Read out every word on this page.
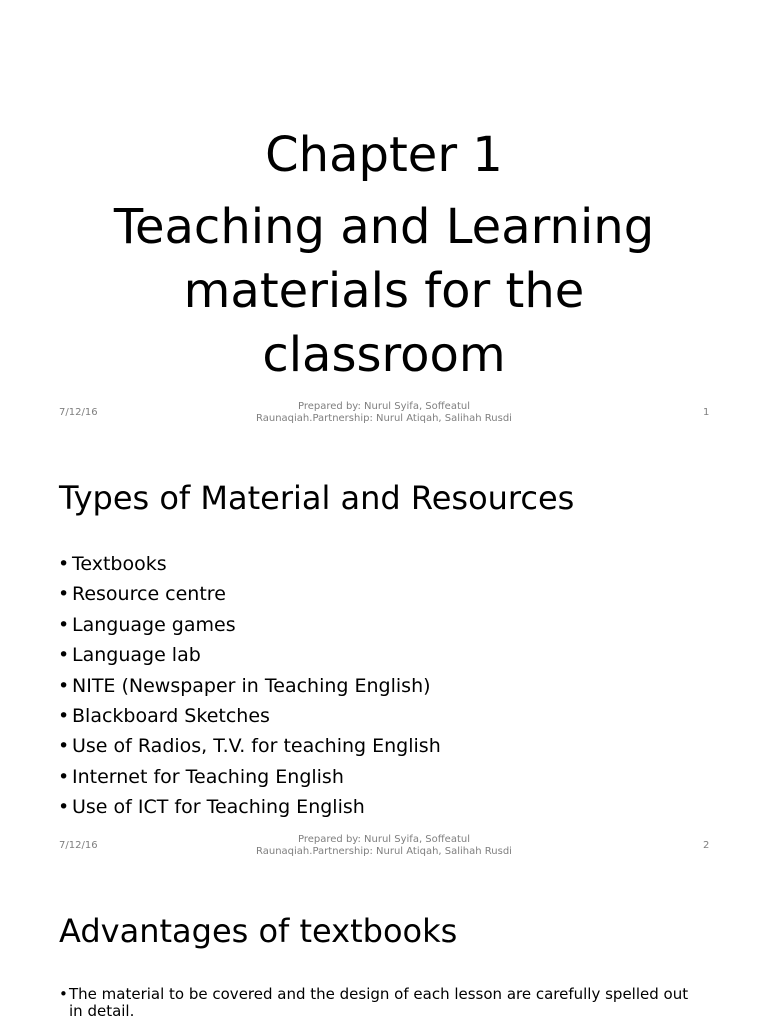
Chapter 1
Teaching and Learning
materials for the
classroom
7/12/16
Prepared by: Nurul Syifa, Soffeatul
Raunaqiah.Partnership: Nurul Atiqah, Salihah Rusdi
1
Types of Material and Resources
• Textbooks
• Resource centre
• Language games
• Language lab
• NITE (Newspaper in Teaching English)
• Blackboard Sketches
• Use of Radios, T.V. for teaching English
• Internet for Teaching English
• Use of ICT for Teaching English
7/12/16
Prepared by: Nurul Syifa, Soffeatul
Raunaqiah.Partnership: Nurul Atiqah, Salihah Rusdi
2
Advantages of textbooks
• The material to be covered and the design of each lesson are carefully spelled out in detail.
